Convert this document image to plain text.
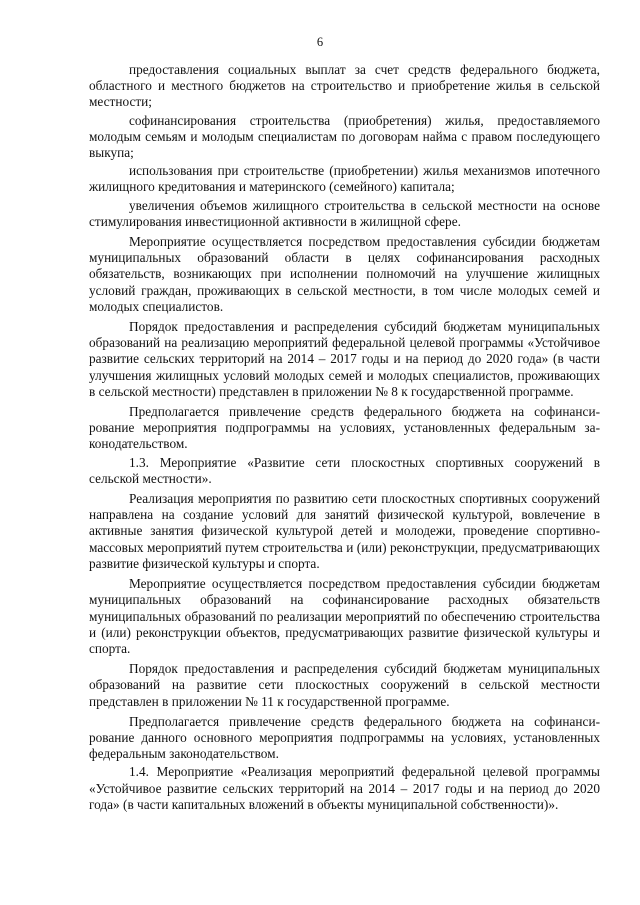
6

предоставления социальных выплат за счет средств федерального бюджета, областного и местного бюджетов на строительство и приобретение жилья в сельской местности;

софинансирования строительства (приобретения) жилья, предоставляемого молодым семьям и молодым специалистам по договорам найма с правом последующего выкупа;

использования при строительстве (приобретении) жилья механизмов ипотечного жилищного кредитования и материнского (семейного) капитала;

увеличения объемов жилищного строительства в сельской местности на основе стимулирования инвестиционной активности в жилищной сфере.

Мероприятие осуществляется посредством предоставления субсидии бюджетам муниципальных образований области в целях софинансирования расходных обязательств, возникающих при исполнении полномочий на улучшение жилищных условий граждан, проживающих в сельской местности, в том числе молодых семей и молодых специалистов.

Порядок предоставления и распределения субсидий бюджетам муниципальных образований на реализацию мероприятий федеральной целевой программы «Устойчивое развитие сельских территорий на 2014 – 2017 годы и на период до 2020 года» (в части улучшения жилищных условий молодых семей и молодых специалистов, проживающих в сельской местности) представлен в приложении № 8 к государственной программе.

Предполагается привлечение средств федерального бюджета на софинансирование мероприятия подпрограммы на условиях, установленных федеральным законодательством.

1.3. Мероприятие «Развитие сети плоскостных спортивных сооружений в сельской местности».

Реализация мероприятия по развитию сети плоскостных спортивных сооружений направлена на создание условий для занятий физической культурой, вовлечение в активные занятия физической культурой детей и молодежи, проведение спортивно-массовых мероприятий путем строительства и (или) реконструкции, предусматривающих развитие физической культуры и спорта.

Мероприятие осуществляется посредством предоставления субсидии бюджетам муниципальных образований на софинансирование расходных обязательств муниципальных образований по реализации мероприятий по обеспечению строительства и (или) реконструкции объектов, предусматривающих развитие физической культуры и спорта.

Порядок предоставления и распределения субсидий бюджетам муниципальных образований на развитие сети плоскостных сооружений в сельской местности представлен в приложении № 11 к государственной программе.

Предполагается привлечение средств федерального бюджета на софинансирование данного основного мероприятия подпрограммы на условиях, установленных федеральным законодательством.

1.4. Мероприятие «Реализация мероприятий федеральной целевой программы «Устойчивое развитие сельских территорий на 2014 – 2017 годы и на период до 2020 года» (в части капитальных вложений в объекты муниципальной собственности)».
